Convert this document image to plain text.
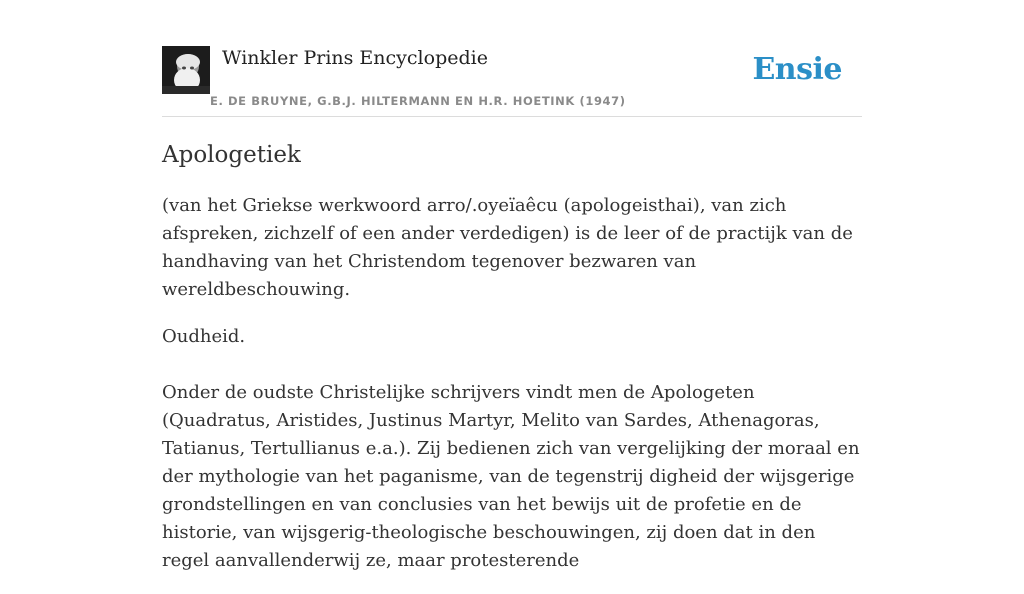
Winkler Prins Encyclopedie
E. DE BRUYNE, G.B.J. HILTERMANN EN H.R. HOETINK (1947)
Ensie
Apologetiek

(van het Griekse werkwoord arro/.oyeïaêcu (apologeisthai), van zich afspreken, zichzelf of een ander verdedigen) is de leer of de practijk van de handhaving van het Christendom tegenover bezwaren van wereldbeschouwing.

Oudheid.

Onder de oudste Christelijke schrijvers vindt men de Apologeten (Quadratus, Aristides, Justinus Martyr, Melito van Sardes, Athenagoras, Tatianus, Tertullianus e.a.). Zij bedienen zich van vergelijking der moraal en der mythologie van het paganisme, van de tegenstrij digheid der wijsgerige grondstellingen en van conclusies van het bewijs uit de profetie en de historie, van wijsgerig-theologische beschouwingen, zij doen dat in den regel aanvallenderwij ze, maar protesterende
